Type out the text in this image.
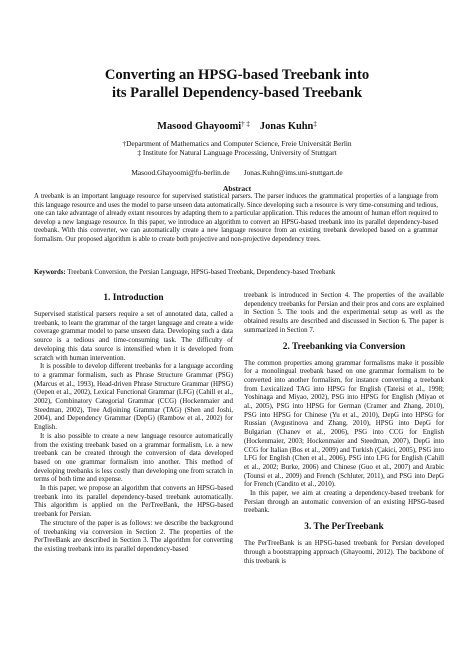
Converting an HPSG-based Treebank into
its Parallel Dependency-based Treebank
Masood Ghayoomi† ‡ Jonas Kuhn‡
†Department of Mathematics and Computer Science, Freie Universität Berlin
‡ Institute for Natural Language Processing, University of Stuttgart
Masood.Ghayoomi@fu-berlin.de Jonas.Kuhn@ims.uni-stuttgart.de
Abstract
A treebank is an important language resource for supervised statistical parsers. The parser induces the grammatical properties of a language from this language resource and uses the model to parse unseen data automatically. Since developing such a resource is very time-consuming and tedious, one can take advantage of already extant resources by adapting them to a particular application. This reduces the amount of human effort required to develop a new language resource. In this paper, we introduce an algorithm to convert an HPSG-based treebank into its parallel dependency-based treebank. With this converter, we can automatically create a new language resource from an existing treebank developed based on a grammar formalism. Our proposed algorithm is able to create both projective and non-projective dependency trees.
Keywords: Treebank Conversion, the Persian Language, HPSG-based Treebank, Dependency-based Treebank
1. Introduction

Supervised statistical parsers require a set of annotated data, called a treebank, to learn the grammar of the target language and create a wide coverage grammar model to parse unseen data. Developing such a data source is a tedious and time-consuming task. The difficulty of developing this data source is intensified when it is developed from scratch with human intervention.

It is possible to develop different treebanks for a language according to a grammar formalism, such as Phrase Structure Grammar (PSG) (Marcus et al., 1993), Head-driven Phrase Structure Grammar (HPSG) (Oepen et al., 2002), Lexical Functional Grammar (LFG) (Cahill et al., 2002), Combinatory Categorial Grammar (CCG) (Hockenmaier and Steedman, 2002), Tree Adjoining Grammar (TAG) (Shen and Joshi, 2004), and Dependency Grammar (DepG) (Rambow et al., 2002) for English.

It is also possible to create a new language resource automatically from the existing treebank based on a grammar formalism, i.e. a new treebank can be created through the conversion of data developed based on one grammar formalism into another. This method of developing treebanks is less costly than developing one from scratch in terms of both time and expense.

In this paper, we propose an algorithm that converts an HPSG-based treebank into its parallel dependency-based treebank automatically. This algorithm is applied on the PerTreeBank, the HPSG-based treebank for Persian.

The structure of the paper is as follows: we describe the background of treebanking via conversion in Section 2. The properties of the PerTreeBank are described in Section 3. The algorithm for converting the existing treebank into its parallel dependency-based

treebank is introduced in Section 4. The properties of the available dependency treebanks for Persian and their pros and cons are explained in Section 5. The tools and the experimental setup as well as the obtained results are described and discussed in Section 6. The paper is summarized in Section 7.

2. Treebanking via Conversion

The common properties among grammar formalisms make it possible for a monolingual treebank based on one grammar formalism to be converted into another formalism, for instance converting a treebank from Lexicalized TAG into HPSG for English (Tateisi et al., 1998; Yoshinaga and Miyao, 2002), PSG into HPSG for English (Miyao et al., 2005), PSG into HPSG for German (Cramer and Zhang, 2010), PSG into HPSG for Chinese (Yu et al., 2010), DepG into HPSG for Russian (Avgustinova and Zhang, 2010), HPSG into DepG for Bulgarian (Chanev et al., 2006), PSG into CCG for English (Hockenmaier, 2003; Hockenmaier and Steedman, 2007), DepG into CCG for Italian (Bos et al., 2009) and Turkish (Çakici, 2005), PSG into LFG for English (Chen et al., 2006), PSG into LFG for English (Cahill et al., 2002; Burke, 2006) and Chinese (Guo et al., 2007) and Arabic (Tounsi et al., 2009) and French (Schluter, 2011), and PSG into DepG for French (Candito et al., 2010).

In this paper, we aim at creating a dependency-based treebank for Persian through an automatic conversion of an existing HPSG-based treebank.

3. The PerTreebank

The PerTreeBank is an HPSG-based treebank for Persian developed through a bootstrapping approach (Ghayoomi, 2012). The backbone of this treebank is
